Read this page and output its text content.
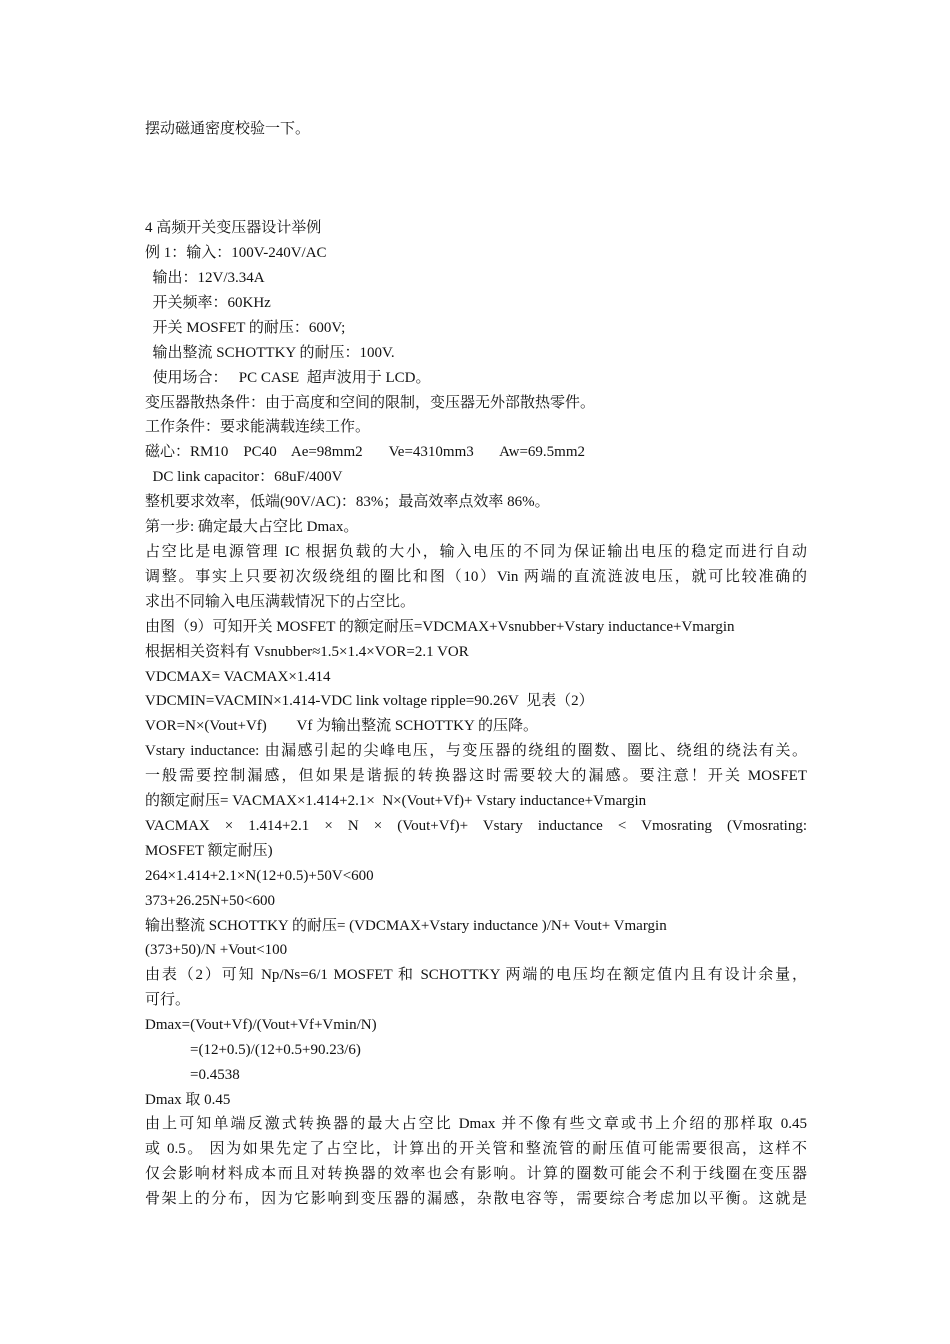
摆动磁通密度校验一下。
4 高频开关变压器设计举例
例 1：输入：100V-240V/AC
输出：12V/3.34A
开关频率：60KHz
开关 MOSFET 的耐压：600V;
输出整流 SCHOTTKY 的耐压：100V.
使用场合：   PC CASE  超声波用于 LCD。
变压器散热条件：由于高度和空间的限制，变压器无外部散热零件。
工作条件：要求能满载连续工作。
磁心：RM10    PC40    Ae=98mm2       Ve=4310mm3       Aw=69.5mm2
DC link capacitor：68uF/400V
整机要求效率，低端(90V/AC)：83%；最高效率点效率 86%。
第一步: 确定最大占空比 Dmax。
占空比是电源管理 IC 根据负载的大小，输入电压的不同为保证输出电压的稳定而进行自动
调整。事实上只要初次级绕组的圈比和图（10）Vin 两端的直流涟波电压，就可比较准确的
求出不同输入电压满载情况下的占空比。
由图（9）可知开关 MOSFET 的额定耐压=VDCMAX+Vsnubber+Vstary inductance+Vmargin
根据相关资料有 Vsnubber≈1.5×1.4×VOR=2.1 VOR
VDCMAX= VACMAX×1.414
VDCMIN=VACMIN×1.414-VDC link voltage ripple=90.26V  见表（2）
VOR=N×(Vout+Vf)        Vf 为输出整流 SCHOTTKY 的压降。
Vstary inductance: 由漏感引起的尖峰电压，与变压器的绕组的圈数、圈比、绕组的绕法有关。
一般需要控制漏感，但如果是谐振的转换器这时需要较大的漏感。要注意！开关 MOSFET
的额定耐压= VACMAX×1.414+2.1×  N×(Vout+Vf)+ Vstary inductance+Vmargin
VACMAX × 1.414+2.1 × N × (Vout+Vf)+ Vstary inductance < Vmosrating (Vmosrating:
MOSFET 额定耐压)
264×1.414+2.1×N(12+0.5)+50V<600
373+26.25N+50<600
输出整流 SCHOTTKY 的耐压= (VDCMAX+Vstary inductance )/N+ Vout+ Vmargin
(373+50)/N +Vout<100
由表（2）可知 Np/Ns=6/1 MOSFET 和 SCHOTTKY 两端的电压均在额定值内且有设计余量，
可行。
Dmax=(Vout+Vf)/(Vout+Vf+Vmin/N)
=(12+0.5)/(12+0.5+90.23/6)
=0.4538
Dmax 取 0.45
由上可知单端反激式转换器的最大占空比 Dmax 并不像有些文章或书上介绍的那样取 0.45
或 0.5。 因为如果先定了占空比，计算出的开关管和整流管的耐压值可能需要很高，这样不
仅会影响材料成本而且对转换器的效率也会有影响。计算的圈数可能会不利于线圈在变压器
骨架上的分布，因为它影响到变压器的漏感，杂散电容等，需要综合考虑加以平衡。这就是
